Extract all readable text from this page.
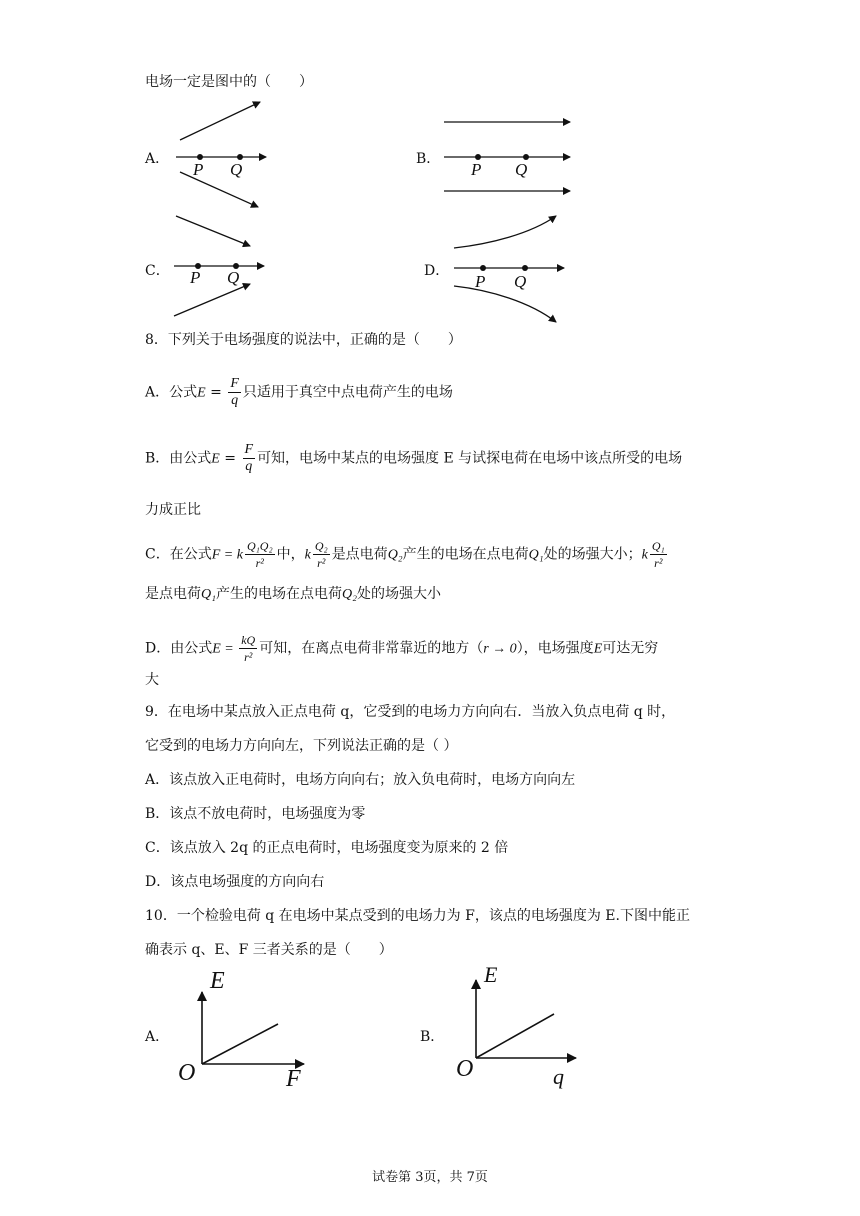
电场一定是图中的（　　）
A．	B．
C．	D．
P Q	P Q
P Q	P Q
8．下列关于电场强度的说法中，正确的是（　　）
A．公式$E = \frac{F}{q}$ 只适用于真空中点电荷产生的电场
B．由公式$E = \frac{F}{q}$ 可知，电场中某点的电场强度 E 与试探电荷在电场中该点所受的电场
力成正比
C．在公式F = k $\frac{\text{Q₁Q₂}}{\text{r²}}$ 中，k $\frac{\text{Q₂}}{\text{r²}}$ 是点电荷Q₂产生的电场在点电荷Q₁处的场强大小；k $\frac{\text{Q₁}}{\text{r²}}$
是点电荷Q₁产生的电场在点电荷Q₂处的场强大小
D．由公式$E = \frac{kQ}{\text{r²}}$ 可知，在离点电荷非常靠近的地方（r → 0），电场强度E可达无穷
大
9．在电场中某点放入正点电荷 q，它受到的电场力方向向右．当放入负点电荷 q 时，
它受到的电场力方向向左，下列说法正确的是（ ）
A．该点放入正电荷时，电场方向向右；放入负电荷时，电场方向向左
B．该点不放电荷时，电场强度为零
C．该点放入 2q 的正点电荷时，电场强度变为原来的 2 倍
D．该点电场强度的方向向右
10．一个检验电荷 q 在电场中某点受到的电场力为 F，该点的电场强度为 E.下图中能正
确表示 q、E、F 三者关系的是（　　）
A．	B．
E
F
O
E
q
O
试卷第 3页，共 7页
